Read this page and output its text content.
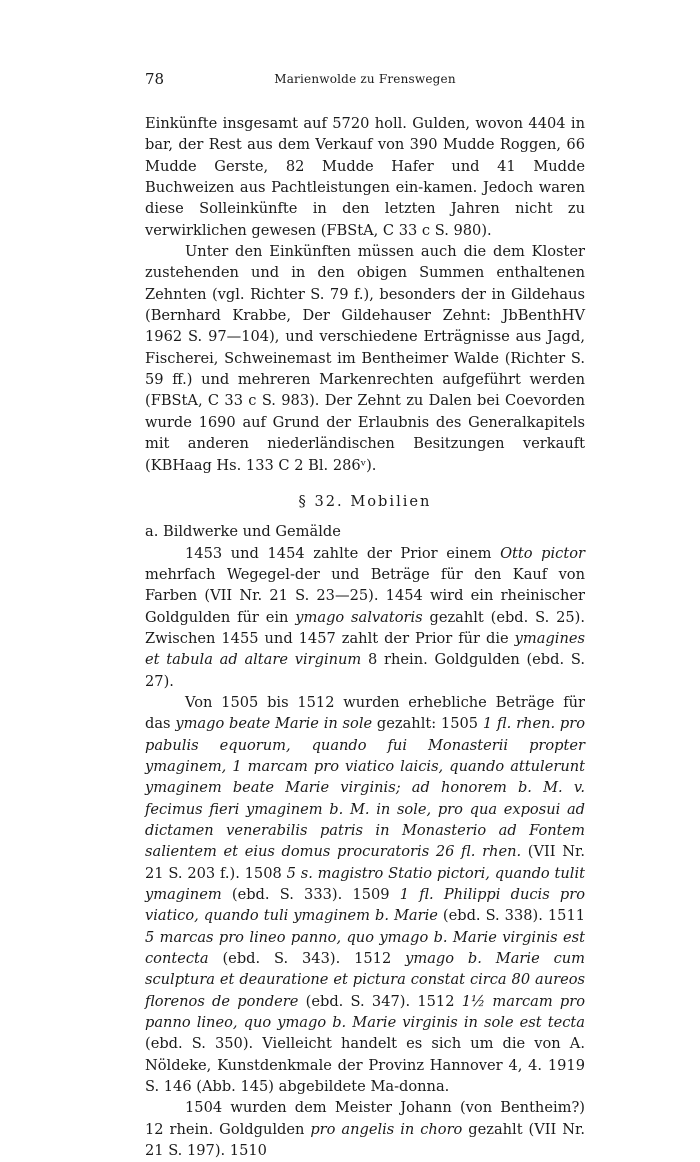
78	Marienwolde zu Frenswegen

Einkünfte insgesamt auf 5720 holl. Gulden, wovon 4404 in bar, der Rest aus dem Verkauf von 390 Mudde Roggen, 66 Mudde Gerste, 82 Mudde Hafer und 41 Mudde Buchweizen aus Pachtleistungen ein-kamen. Jedoch waren diese Solleinkünfte in den letzten Jahren nicht zu verwirklichen gewesen (FBStA, C 33 c S. 980).

Unter den Einkünften müssen auch die dem Kloster zustehenden und in den obigen Summen enthaltenen Zehnten (vgl. Richter S. 79 f.), besonders der in Gildehaus (Bernhard Krabbe, Der Gildehauser Zehnt: JbBenthHV 1962 S. 97—104), und verschiedene Erträgnisse aus Jagd, Fischerei, Schweinemast im Bentheimer Walde (Richter S. 59 ff.) und mehreren Markenrechten aufgeführt werden (FBStA, C 33 c S. 983). Der Zehnt zu Dalen bei Coevorden wurde 1690 auf Grund der Erlaubnis des Generalkapitels mit anderen niederländischen Besitzungen verkauft (KBHaag Hs. 133 C 2 Bl. 286ᵛ).

§ 32. Mobilien

a. Bildwerke und Gemälde

1453 und 1454 zahlte der Prior einem Otto pictor mehrfach Wegegel-der und Beträge für den Kauf von Farben (VII Nr. 21 S. 23—25). 1454 wird ein rheinischer Goldgulden für ein ymago salvatoris gezahlt (ebd. S. 25). Zwischen 1455 und 1457 zahlt der Prior für die ymagines et tabula ad altare virginum 8 rhein. Goldgulden (ebd. S. 27).

Von 1505 bis 1512 wurden erhebliche Beträge für das ymago beate Marie in sole gezahlt: 1505 1 fl. rhen. pro pabulis equorum, quando fui Monasterii propter ymaginem, 1 marcam pro viatico laicis, quando attulerunt ymaginem beate Marie virginis; ad honorem b. M. v. fecimus fieri ymaginem b. M. in sole, pro qua exposui ad dictamen venerabilis patris in Monasterio ad Fontem salientem et eius domus procuratoris 26 fl. rhen. (VII Nr. 21 S. 203 f.). 1508 5 s. magistro Statio pictori, quando tulit ymaginem (ebd. S. 333). 1509 1 fl. Philippi ducis pro viatico, quando tuli ymaginem b. Marie (ebd. S. 338). 1511 5 marcas pro lineo panno, quo ymago b. Marie virginis est contecta (ebd. S. 343). 1512 ymago b. Marie cum sculptura et deauratione et pictura constat circa 80 aureos florenos de pondere (ebd. S. 347). 1512 1½ marcam pro panno lineo, quo ymago b. Marie virginis in sole est tecta (ebd. S. 350). Vielleicht handelt es sich um die von A. Nöldeke, Kunstdenkmale der Provinz Hannover 4, 4. 1919 S. 146 (Abb. 145) abgebildete Ma-donna.

1504 wurden dem Meister Johann (von Bentheim?) 12 rhein. Goldgulden pro angelis in choro gezahlt (VII Nr. 21 S. 197). 1510
